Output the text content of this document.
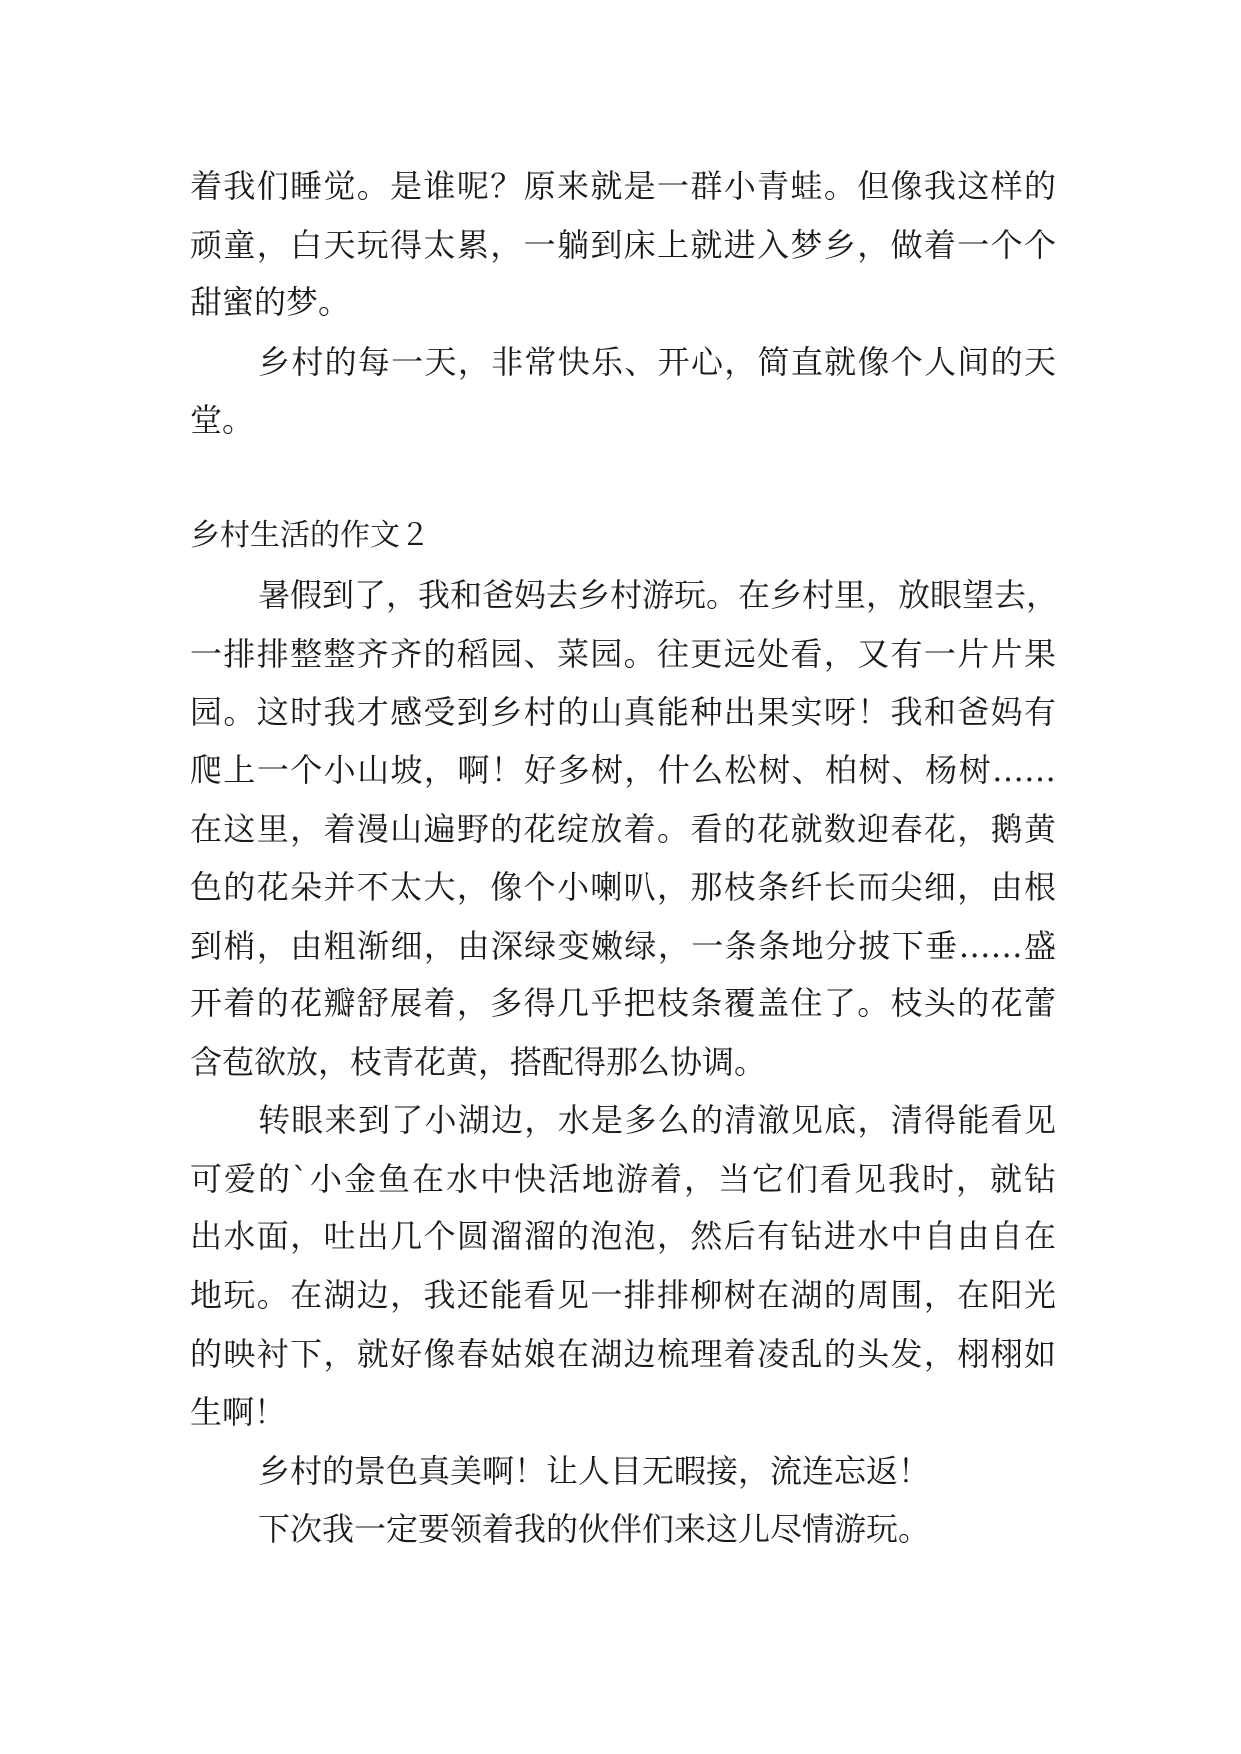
着我们睡觉。是谁呢？原来就是一群小青蛙。但像我这样的
顽童，白天玩得太累，一躺到床上就进入梦乡，做着一个个
甜蜜的梦。
乡村的每一天，非常快乐、开心，简直就像个人间的天
堂。
乡村生活的作文２
暑假到了，我和爸妈去乡村游玩。在乡村里，放眼望去，
一排排整整齐齐的稻园、菜园。往更远处看，又有一片片果
园。这时我才感受到乡村的山真能种出果实呀！我和爸妈有
爬上一个小山坡，啊！好多树，什么松树、柏树、杨树……
在这里，着漫山遍野的花绽放着。看的花就数迎春花，鹅黄
色的花朵并不太大，像个小喇叭，那枝条纤长而尖细，由根
到梢，由粗渐细，由深绿变嫩绿，一条条地分披下垂……盛
开着的花瓣舒展着，多得几乎把枝条覆盖住了。枝头的花蕾
含苞欲放，枝青花黄，搭配得那么协调。
转眼来到了小湖边，水是多么的清澈见底，清得能看见
可爱的`小金鱼在水中快活地游着，当它们看见我时，就钻
出水面，吐出几个圆溜溜的泡泡，然后有钻进水中自由自在
地玩。在湖边，我还能看见一排排柳树在湖的周围，在阳光
的映衬下，就好像春姑娘在湖边梳理着凌乱的头发，栩栩如
生啊！
乡村的景色真美啊！让人目无暇接，流连忘返！
下次我一定要领着我的伙伴们来这儿尽情游玩。
